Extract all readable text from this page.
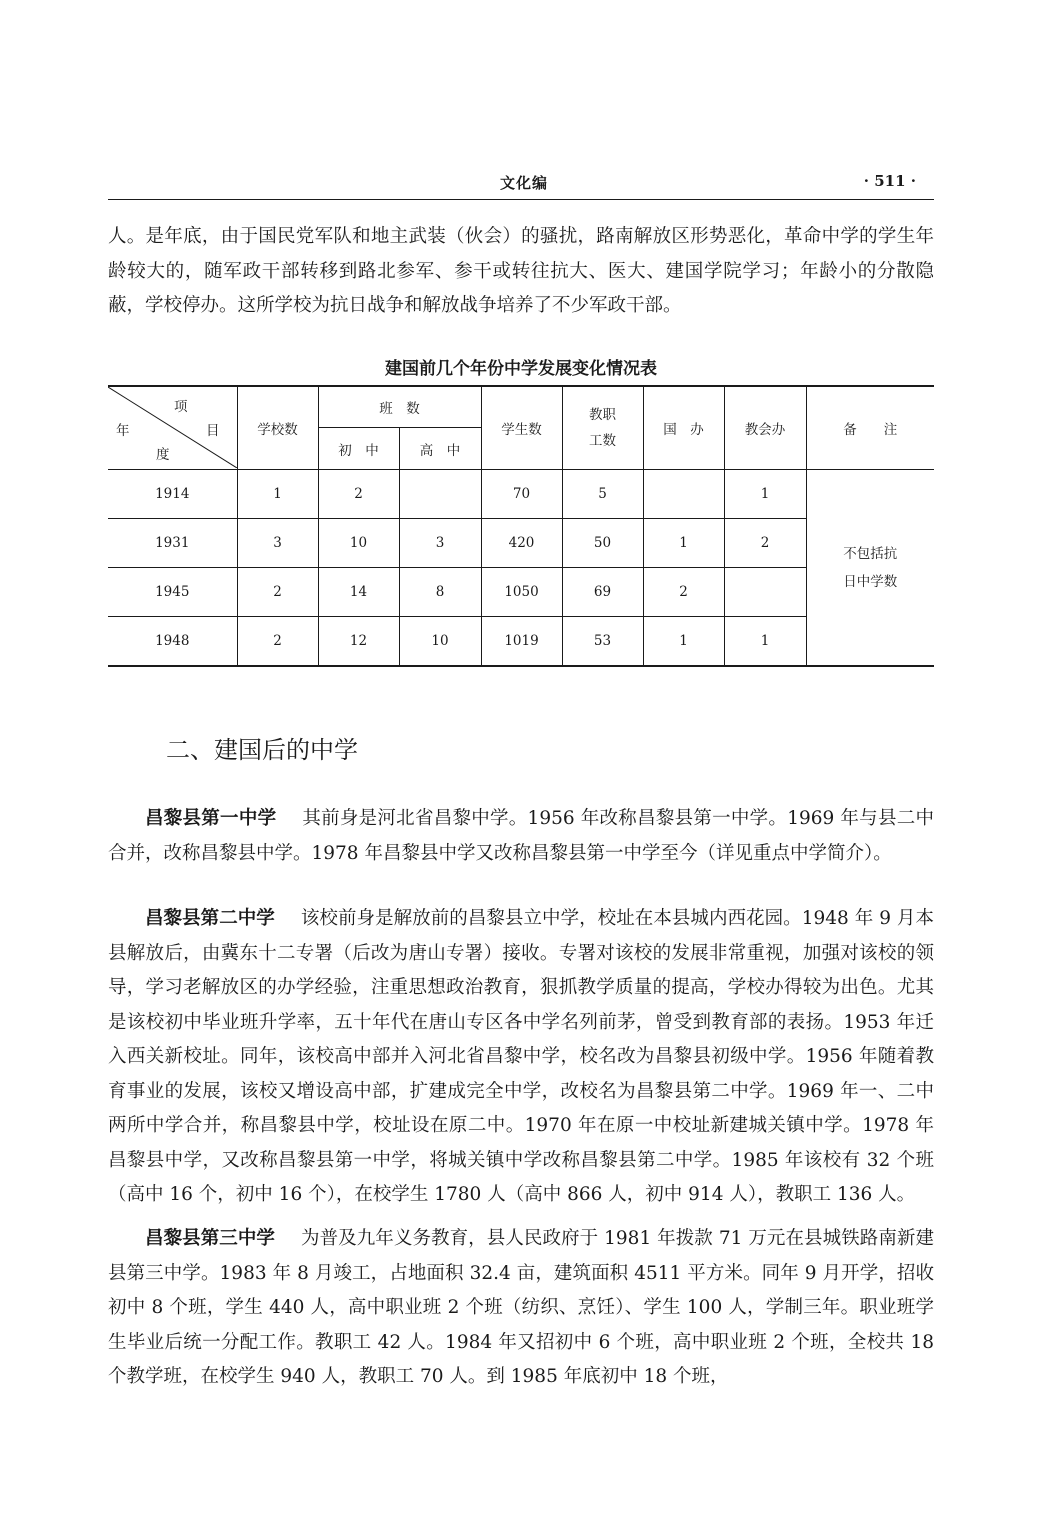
文化编	· 511 ·

人。是年底，由于国民党军队和地主武装（伙会）的骚扰，路南解放区形势恶化，革命中学的学生年龄较大的，随军政干部转移到路北参军、参干或转往抗大、医大、建国学院学习；年龄小的分散隐蔽，学校停办。这所学校为抗日战争和解放战争培养了不少军政干部。

建国前几个年份中学发展变化情况表
项
目
年
度	学校数	班　数		学生数	教职工数	国　办	教会办	备　　注
		初　中	高　中					
1914	1	2		70	5		1	不包括抗
日中学数
1931	3	10	3	420	50	1	2	
1945	2	14	8	1050	69	2		
1948	2	12	10	1019	53	1	1	
二、建国后的中学

昌黎县第一中学 其前身是河北省昌黎中学。1956 年改称昌黎县第一中学。1969 年与县二中合并，改称昌黎县中学。1978 年昌黎县中学又改称昌黎县第一中学至今（详见重点中学简介）。

昌黎县第二中学 该校前身是解放前的昌黎县立中学，校址在本县城内西花园。1948 年 9 月本县解放后，由冀东十二专署（后改为唐山专署）接收。专署对该校的发展非常重视，加强对该校的领导，学习老解放区的办学经验，注重思想政治教育，狠抓教学质量的提高，学校办得较为出色。尤其是该校初中毕业班升学率，五十年代在唐山专区各中学名列前茅，曾受到教育部的表扬。1953 年迁入西关新校址。同年，该校高中部并入河北省昌黎中学，校名改为昌黎县初级中学。1956 年随着教育事业的发展，该校又增设高中部，扩建成完全中学，改校名为昌黎县第二中学。1969 年一、二中两所中学合并，称昌黎县中学，校址设在原二中。1970 年在原一中校址新建城关镇中学。1978 年昌黎县中学，又改称昌黎县第一中学，将城关镇中学改称昌黎县第二中学。1985 年该校有 32 个班（高中 16 个，初中 16 个），在校学生 1780 人（高中 866 人，初中 914 人），教职工 136 人。

昌黎县第三中学 为普及九年义务教育，县人民政府于 1981 年拨款 71 万元在县城铁路南新建县第三中学。1983 年 8 月竣工，占地面积 32.4 亩，建筑面积 4511 平方米。同年 9 月开学，招收初中 8 个班，学生 440 人，高中职业班 2 个班（纺织、烹饪）、学生 100 人，学制三年。职业班学生毕业后统一分配工作。教职工 42 人。1984 年又招初中 6 个班，高中职业班 2 个班，全校共 18 个教学班，在校学生 940 人，教职工 70 人。到 1985 年底初中 18 个班，
